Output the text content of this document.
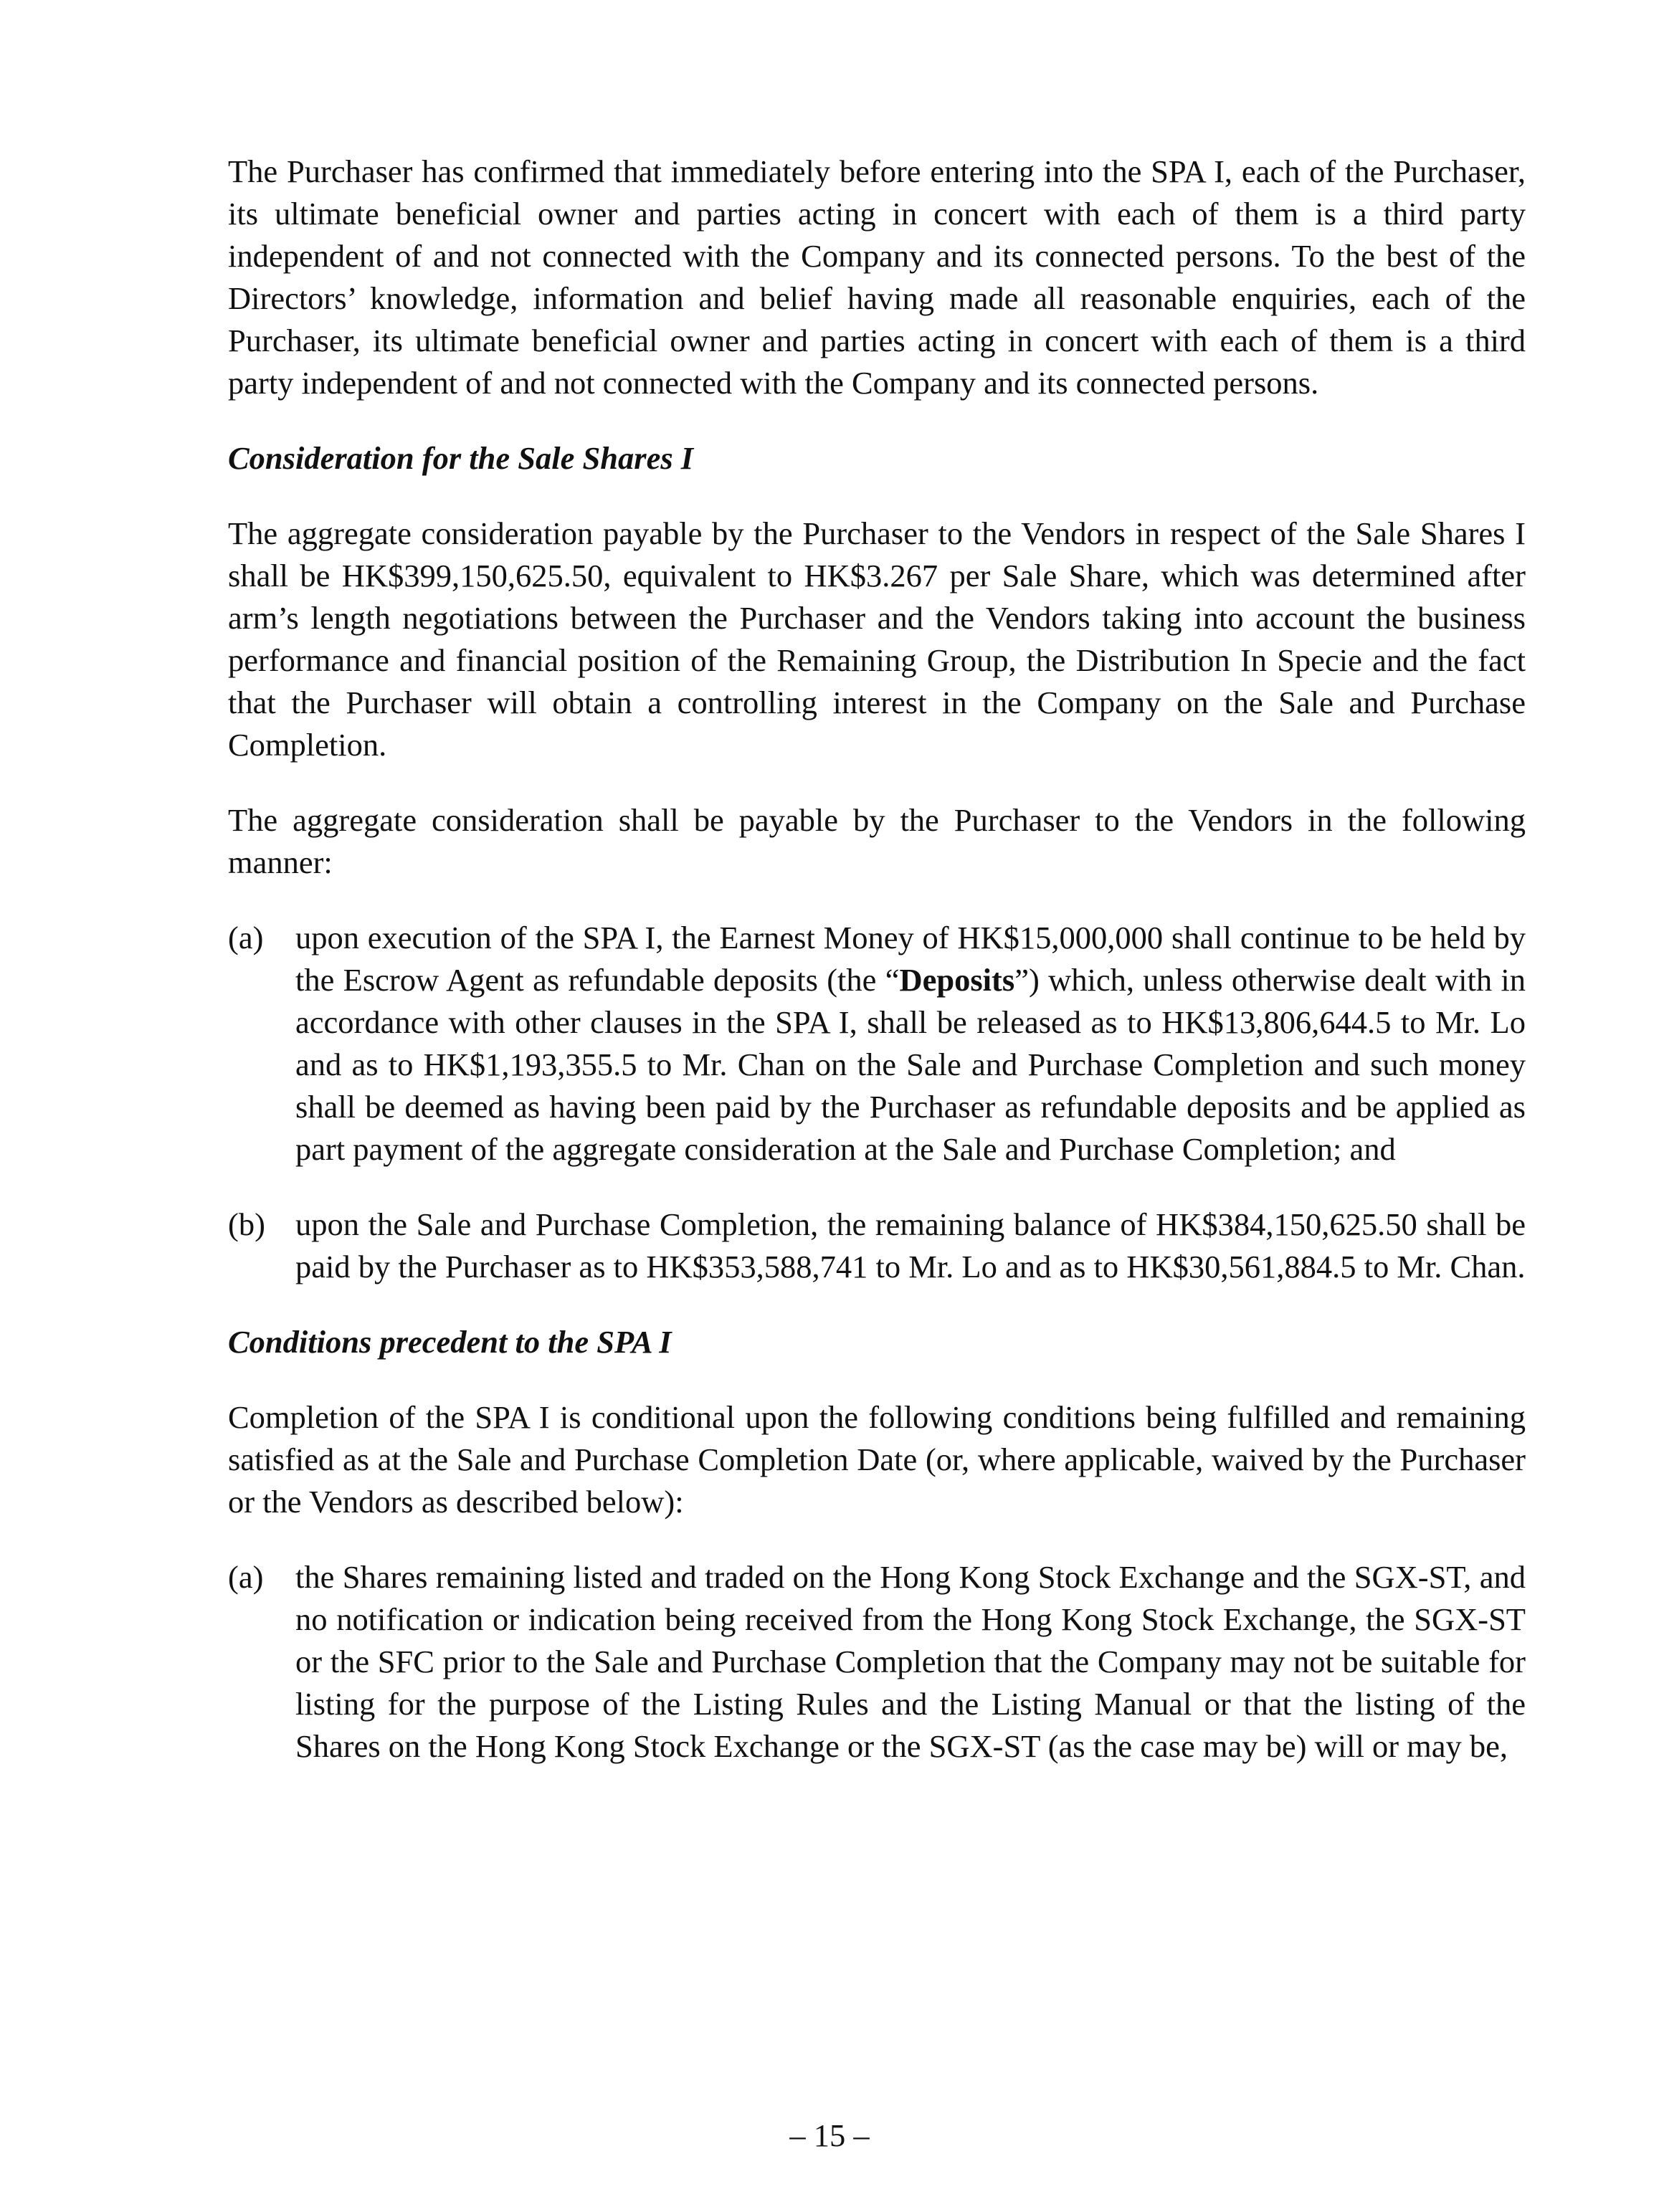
The Purchaser has confirmed that immediately before entering into the SPA I, each of the Purchaser, its ultimate beneficial owner and parties acting in concert with each of them is a third party independent of and not connected with the Company and its connected persons. To the best of the Directors’ knowledge, information and belief having made all reasonable enquiries, each of the Purchaser, its ultimate beneficial owner and parties acting in concert with each of them is a third party independent of and not connected with the Company and its connected persons.

Consideration for the Sale Shares I

The aggregate consideration payable by the Purchaser to the Vendors in respect of the Sale Shares I shall be HK$399,150,625.50, equivalent to HK$3.267 per Sale Share, which was determined after arm’s length negotiations between the Purchaser and the Vendors taking into account the business performance and financial position of the Remaining Group, the Distribution In Specie and the fact that the Purchaser will obtain a controlling interest in the Company on the Sale and Purchase Completion.

The aggregate consideration shall be payable by the Purchaser to the Vendors in the following manner:

(a)	upon execution of the SPA I, the Earnest Money of HK$15,000,000 shall continue to be held by the Escrow Agent as refundable deposits (the “Deposits”) which, unless otherwise dealt with in accordance with other clauses in the SPA I, shall be released as to HK$13,806,644.5 to Mr. Lo and as to HK$1,193,355.5 to Mr. Chan on the Sale and Purchase Completion and such money shall be deemed as having been paid by the Purchaser as refundable deposits and be applied as part payment of the aggregate consideration at the Sale and Purchase Completion; and
(b) upon the Sale and Purchase Completion, the remaining balance of HK$384,150,625.50 shall be paid by the Purchaser as to HK$353,588,741 to Mr. Lo and as to HK$30,561,884.5 to Mr. Chan.

Conditions precedent to the SPA I

Completion of the SPA I is conditional upon the following conditions being fulfilled and remaining satisfied as at the Sale and Purchase Completion Date (or, where applicable, waived by the Purchaser or the Vendors as described below):

(a)	the Shares remaining listed and traded on the Hong Kong Stock Exchange and the SGX-ST, and no notification or indication being received from the Hong Kong Stock Exchange, the SGX-ST or the SFC prior to the Sale and Purchase Completion that the Company may not be suitable for listing for the purpose of the Listing Rules and the Listing Manual or that the listing of the Shares on the Hong Kong Stock Exchange or the SGX-ST (as the case may be) will or may be,
– 15 –
